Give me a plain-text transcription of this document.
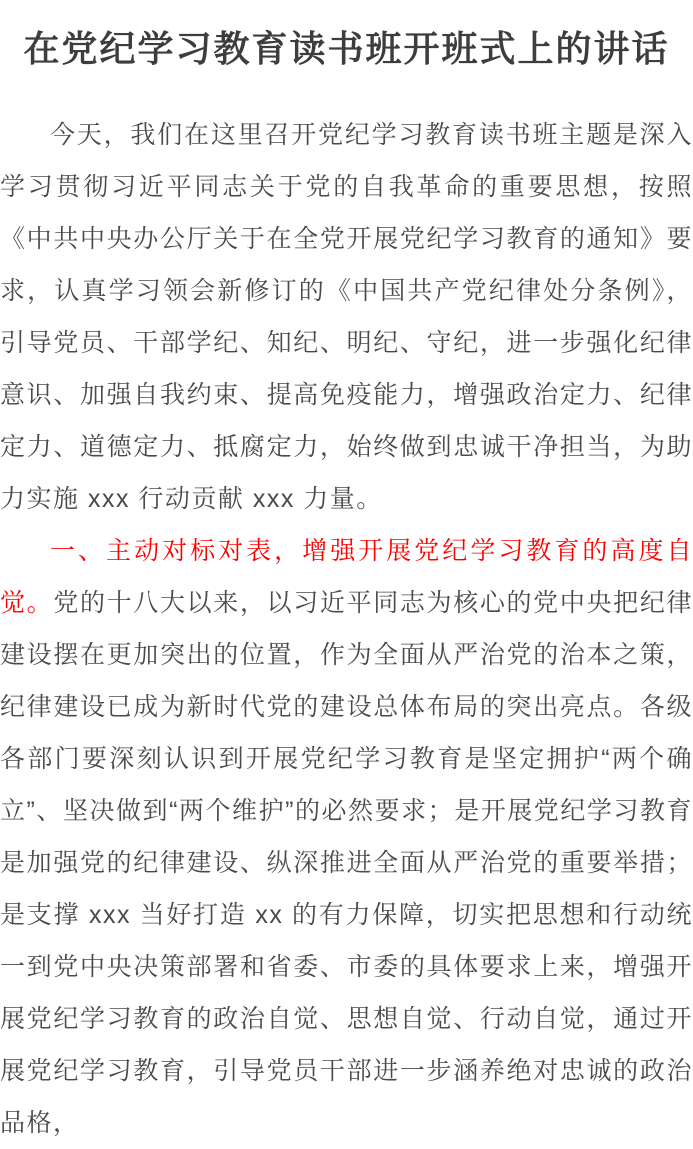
在党纪学习教育读书班开班式上的讲话

今天，我们在这里召开党纪学习教育读书班主题是深入学习贯彻习近平同志关于党的自我革命的重要思想，按照《中共中央办公厅关于在全党开展党纪学习教育的通知》要求，认真学习领会新修订的《中国共产党纪律处分条例》，引导党员、干部学纪、知纪、明纪、守纪，进一步强化纪律意识、加强自我约束、提高免疫能力，增强政治定力、纪律定力、道德定力、抵腐定力，始终做到忠诚干净担当，为助力实施 xxx 行动贡献 xxx 力量。

一、主动对标对表，增强开展党纪学习教育的高度自觉。党的十八大以来，以习近平同志为核心的党中央把纪律建设摆在更加突出的位置，作为全面从严治党的治本之策，纪律建设已成为新时代党的建设总体布局的突出亮点。各级各部门要深刻认识到开展党纪学习教育是坚定拥护“两个确立”、坚决做到“两个维护”的必然要求；是开展党纪学习教育是加强党的纪律建设、纵深推进全面从严治党的重要举措；是支撑 xxx 当好打造 xx 的有力保障，切实把思想和行动统一到党中央决策部署和省委、市委的具体要求上来，增强开展党纪学习教育的政治自觉、思想自觉、行动自觉，通过开展党纪学习教育，引导党员干部进一步涵养绝对忠诚的政治品格，
